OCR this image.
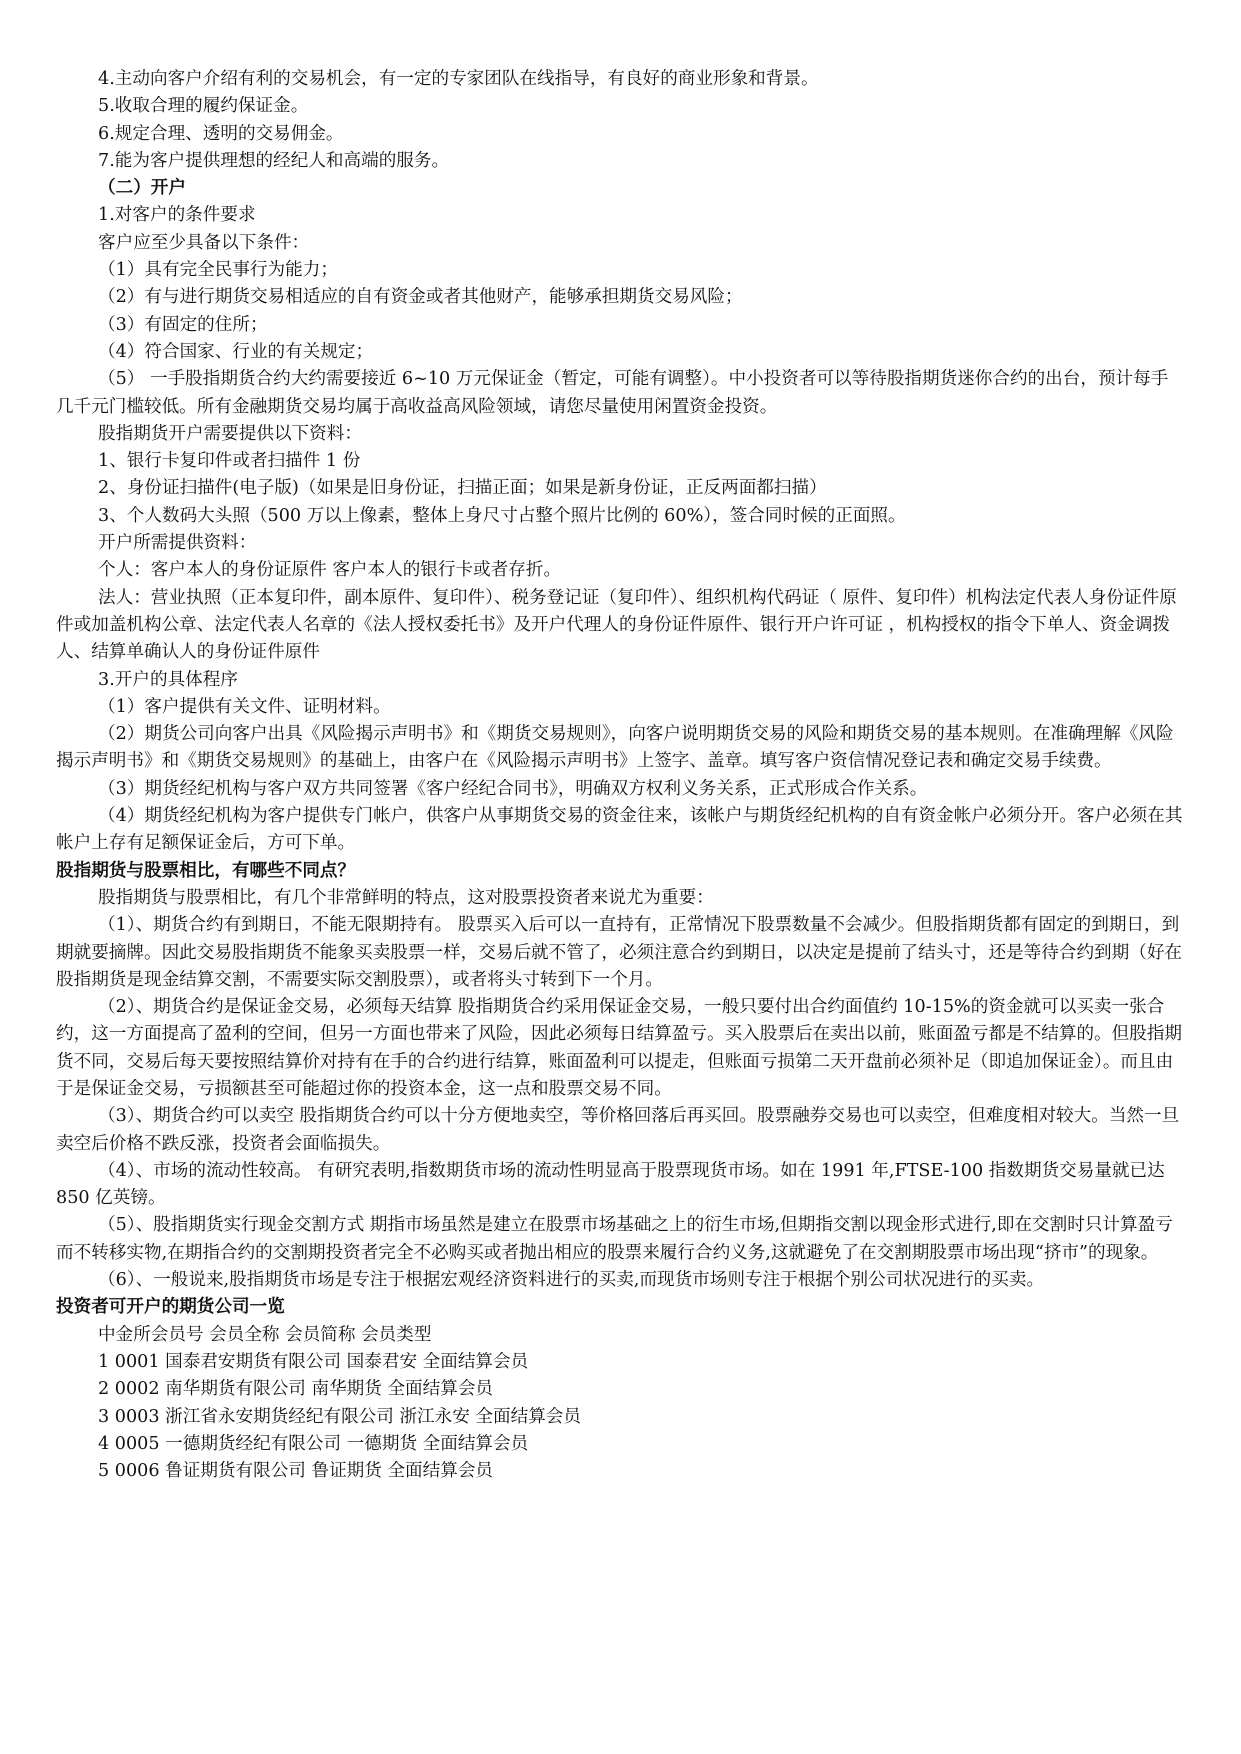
4.主动向客户介绍有利的交易机会，有一定的专家团队在线指导，有良好的商业形象和背景。

5.收取合理的履约保证金。

6.规定合理、透明的交易佣金。

7.能为客户提供理想的经纪人和高端的服务。

（二）开户

1.对客户的条件要求

客户应至少具备以下条件：

（1）具有完全民事行为能力；

（2）有与进行期货交易相适应的自有资金或者其他财产，能够承担期货交易风险；

（3）有固定的住所；

（4）符合国家、行业的有关规定；

（5） 一手股指期货合约大约需要接近 6~10 万元保证金（暂定，可能有调整）。中小投资者可以等待股指期货迷你合约的出台，预计每手几千元门槛较低。所有金融期货交易均属于高收益高风险领域，请您尽量使用闲置资金投资。

股指期货开户需要提供以下资料：

1、银行卡复印件或者扫描件 1 份

2、身份证扫描件(电子版)（如果是旧身份证，扫描正面；如果是新身份证，正反两面都扫描）

3、个人数码大头照（500 万以上像素，整体上身尺寸占整个照片比例的 60%），签合同时候的正面照。

开户所需提供资料：

个人：客户本人的身份证原件 客户本人的银行卡或者存折。

法人：营业执照（正本复印件，副本原件、复印件）、税务登记证（复印件）、组织机构代码证（ 原件、复印件）机构法定代表人身份证件原件或加盖机构公章、法定代表人名章的《法人授权委托书》及开户代理人的身份证件原件、银行开户许可证 ，机构授权的指令下单人、资金调拨人、结算单确认人的身份证件原件

3.开户的具体程序

（1）客户提供有关文件、证明材料。

（2）期货公司向客户出具《风险揭示声明书》和《期货交易规则》，向客户说明期货交易的风险和期货交易的基本规则。在准确理解《风险揭示声明书》和《期货交易规则》的基础上，由客户在《风险揭示声明书》上签字、盖章。填写客户资信情况登记表和确定交易手续费。

（3）期货经纪机构与客户双方共同签署《客户经纪合同书》，明确双方权利义务关系，正式形成合作关系。

（4）期货经纪机构为客户提供专门帐户，供客户从事期货交易的资金往来，该帐户与期货经纪机构的自有资金帐户必须分开。客户必须在其帐户上存有足额保证金后，方可下单。

股指期货与股票相比，有哪些不同点？

股指期货与股票相比，有几个非常鲜明的特点，这对股票投资者来说尤为重要：

（1）、期货合约有到期日，不能无限期持有。 股票买入后可以一直持有，正常情况下股票数量不会减少。但股指期货都有固定的到期日，到期就要摘牌。因此交易股指期货不能象买卖股票一样，交易后就不管了，必须注意合约到期日，以决定是提前了结头寸，还是等待合约到期（好在股指期货是现金结算交割，不需要实际交割股票），或者将头寸转到下一个月。

（2）、期货合约是保证金交易，必须每天结算 股指期货合约采用保证金交易，一般只要付出合约面值约 10-15%的资金就可以买卖一张合约，这一方面提高了盈利的空间，但另一方面也带来了风险，因此必须每日结算盈亏。买入股票后在卖出以前，账面盈亏都是不结算的。但股指期货不同，交易后每天要按照结算价对持有在手的合约进行结算，账面盈利可以提走，但账面亏损第二天开盘前必须补足（即追加保证金）。而且由于是保证金交易，亏损额甚至可能超过你的投资本金，这一点和股票交易不同。

（3）、期货合约可以卖空 股指期货合约可以十分方便地卖空，等价格回落后再买回。股票融券交易也可以卖空，但难度相对较大。当然一旦卖空后价格不跌反涨，投资者会面临损失。

（4）、市场的流动性较高。 有研究表明,指数期货市场的流动性明显高于股票现货市场。如在 1991 年,FTSE-100 指数期货交易量就已达 850 亿英镑。

（5）、股指期货实行现金交割方式 期指市场虽然是建立在股票市场基础之上的衍生市场,但期指交割以现金形式进行,即在交割时只计算盈亏而不转移实物,在期指合约的交割期投资者完全不必购买或者抛出相应的股票来履行合约义务,这就避免了在交割期股票市场出现“挤市”的现象。

（6）、一般说来,股指期货市场是专注于根据宏观经济资料进行的买卖,而现货市场则专注于根据个别公司状况进行的买卖。

投资者可开户的期货公司一览

中金所会员号 会员全称 会员简称 会员类型

1 0001 国泰君安期货有限公司 国泰君安 全面结算会员

2 0002 南华期货有限公司 南华期货 全面结算会员

3 0003 浙江省永安期货经纪有限公司 浙江永安 全面结算会员

4 0005 一德期货经纪有限公司 一德期货 全面结算会员

5 0006 鲁证期货有限公司 鲁证期货 全面结算会员
